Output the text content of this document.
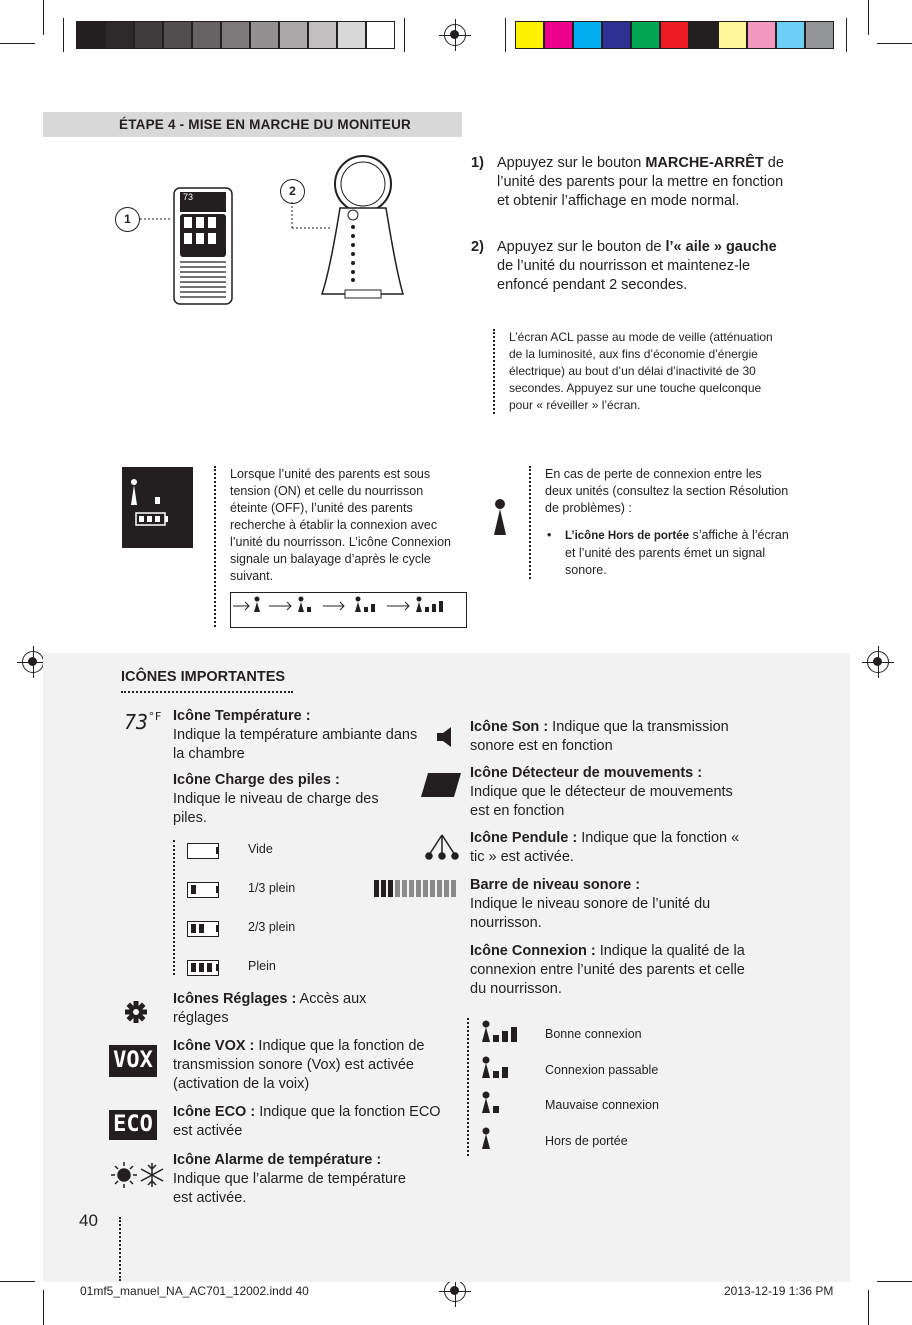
ÉTAPE 4 - MISE EN MARCHE DU MONITEUR
1
2
73
Angelcare
1) Appuyez sur le bouton MARCHE-ARRÊT de l’unité des parents pour la mettre en fonction et obtenir l’affichage en mode normal.
2) Appuyez sur le bouton de l’« aile » gauche de l’unité du nourrisson et maintenez-le enfoncé pendant 2 secondes.
L’écran ACL passe au mode de veille (atténuation de la luminosité, aux fins d’économie d’énergie électrique) au bout d’un délai d’inactivité de 30 secondes. Appuyez sur une touche quelconque pour « réveiller » l’écran.
Lorsque l’unité des parents est sous tension (ON) et celle du nourrisson éteinte (OFF), l’unité des parents recherche à établir la connexion avec l’unité du nourrisson. L’icône Connexion signale un balayage d’après le cycle suivant.
En cas de perte de connexion entre les deux unités (consultez la section Résolution de problèmes) :
• L’icône Hors de portée s’affiche à l’écran et l’unité des parents émet un signal sonore.
ICÔNES IMPORTANTES
$73^{^\circ F}$ Icône Température :
Indique la température ambiante dans la chambre
Icône Charge des piles :
Indique le niveau de charge des piles.
Vide
1/3 plein
2/3 plein
Plein
Icônes Réglages : Accès aux réglages
VOX
Icône VOX : Indique que la fonction de transmission sonore (Vox) est activée (activation de la voix)
ECO Icône ECO : Indique que la fonction ECO est activée
Icône Alarme de température :
Indique que l’alarme de température est activée.
Icône Son : Indique que la transmission sonore est en fonction
Icône Détecteur de mouvements :
Indique que le détecteur de mouvements est en fonction
Icône Pendule : Indique que la fonction « tic » est activée.
Barre de niveau sonore :
Indique le niveau sonore de l’unité du nourrisson.
Icône Connexion : Indique la qualité de la connexion entre l’unité des parents et celle du nourrisson.
Bonne connexion
Connexion passable
Mauvaise connexion
Hors de portée
40
01mf5_manuel_NA_AC701_12002.indd 40	2013-12-19 1:36 PM
